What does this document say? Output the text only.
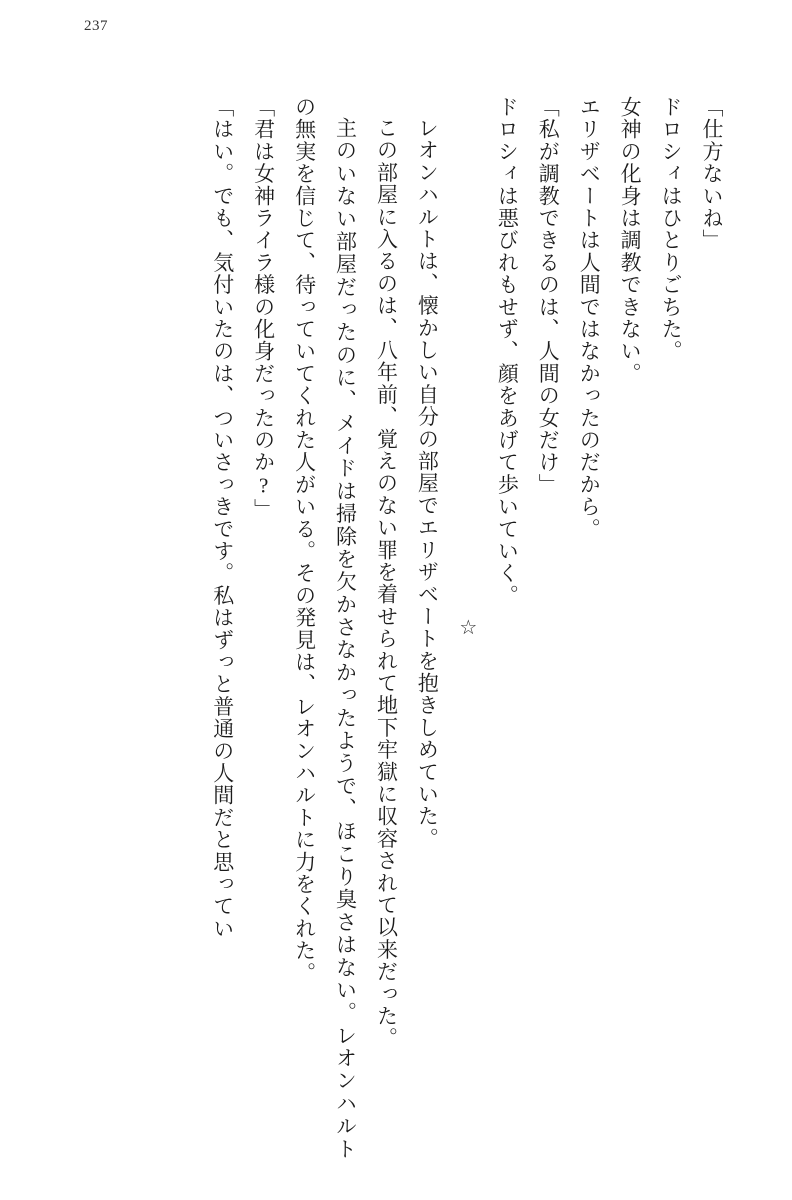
237

「仕方ないね」

ドロシィはひとりごちた。

女神の化身は調教できない。

エリザベートは人間ではなかったのだから。

「私が調教できるのは、人間の女だけ」

ドロシィは悪びれもせず、顔をあげて歩いていく。

☆

レオンハルトは、懐かしい自分の部屋でエリザベートを抱きしめていた。

この部屋に入るのは、八年前、覚えのない罪を着せられて地下牢獄に収容されて以来だった。

主のいない部屋だったのに、メイドは掃除を欠かさなかったようで、ほこり臭さはない。レオンハルトの無実を信じて、待っていてくれた人がいる。その発見は、レオンハルトに力をくれた。

「君は女神ライラ様の化身だったのか?」

「はい。でも、気付いたのは、ついさっきです。私はずっと普通の人間だと思ってい
